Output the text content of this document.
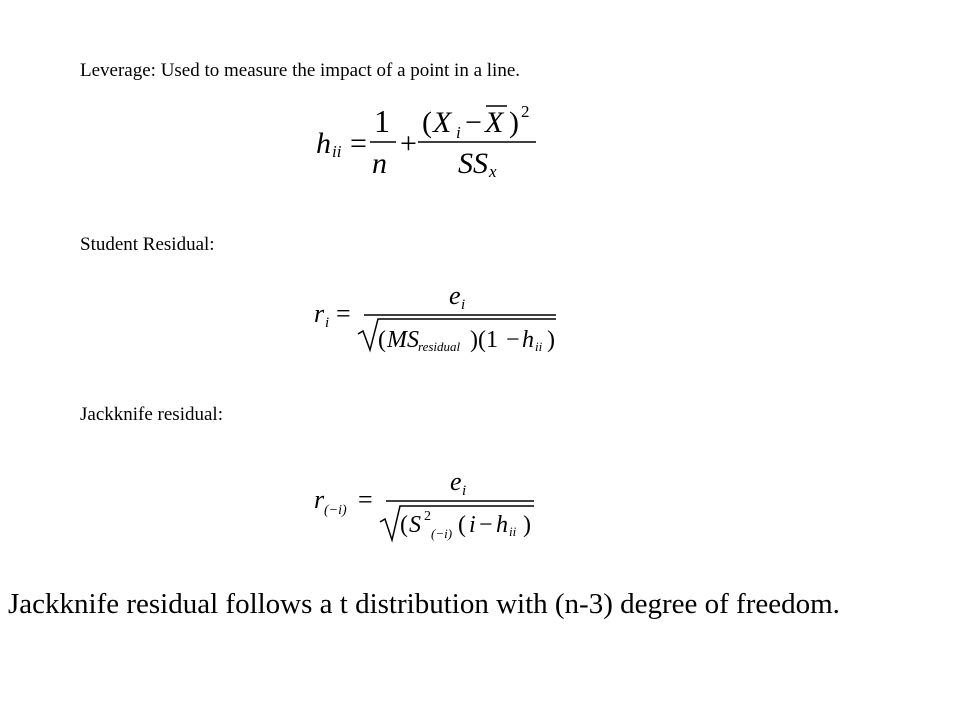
Leverage: Used to measure the impact of a point in a line.
h ii =
1
n
+
( X i − X ) 2
SS x
Student Residual:
r i =
e i
( MS residual )(1 − h ii )
Jackknife residual:
r (−i) =
e i
( S 2
(−i) ( i − h ii )
Jackknife residual follows a t distribution with (n-3) degree of freedom.
